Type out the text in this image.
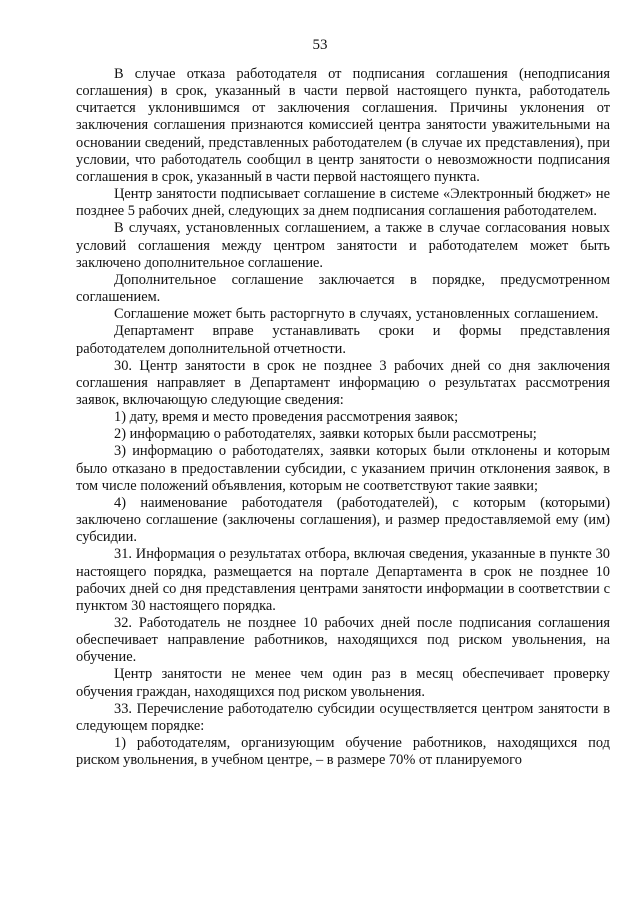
53

В случае отказа работодателя от подписания соглашения (неподписания соглашения) в срок, указанный в части первой настоящего пункта, работодатель считается уклонившимся от заключения соглашения. Причины уклонения от заключения соглашения признаются комиссией центра занятости уважительными на основании сведений, представленных работодателем (в случае их представления), при условии, что работодатель сообщил в центр занятости о невозможности подписания соглашения в срок, указанный в части первой настоящего пункта.

Центр занятости подписывает соглашение в системе «Электронный бюджет» не позднее 5 рабочих дней, следующих за днем подписания соглашения работодателем.

В случаях, установленных соглашением, а также в случае согласования новых условий соглашения между центром занятости и работодателем может быть заключено дополнительное соглашение.

Дополнительное соглашение заключается в порядке, предусмотренном соглашением.

Соглашение может быть расторгнуто в случаях, установленных соглашением.

Департамент вправе устанавливать сроки и формы представления работодателем дополнительной отчетности.

30. Центр занятости в срок не позднее 3 рабочих дней со дня заключения соглашения направляет в Департамент информацию о результатах рассмотрения заявок, включающую следующие сведения:

1) дату, время и место проведения рассмотрения заявок;

2) информацию о работодателях, заявки которых были рассмотрены;

3) информацию о работодателях, заявки которых были отклонены и которым было отказано в предоставлении субсидии, с указанием причин отклонения заявок, в том числе положений объявления, которым не соответствуют такие заявки;

4) наименование работодателя (работодателей), с которым (которыми) заключено соглашение (заключены соглашения), и размер предоставляемой ему (им) субсидии.

31. Информация о результатах отбора, включая сведения, указанные в пункте 30 настоящего порядка, размещается на портале Департамента в срок не позднее 10 рабочих дней со дня представления центрами занятости информации в соответствии с пунктом 30 настоящего порядка.

32. Работодатель не позднее 10 рабочих дней после подписания соглашения обеспечивает направление работников, находящихся под риском увольнения, на обучение.

Центр занятости не менее чем один раз в месяц обеспечивает проверку обучения граждан, находящихся под риском увольнения.

33. Перечисление работодателю субсидии осуществляется центром занятости в следующем порядке:

1) работодателям, организующим обучение работников, находящихся под риском увольнения, в учебном центре, – в размере 70% от планируемого
